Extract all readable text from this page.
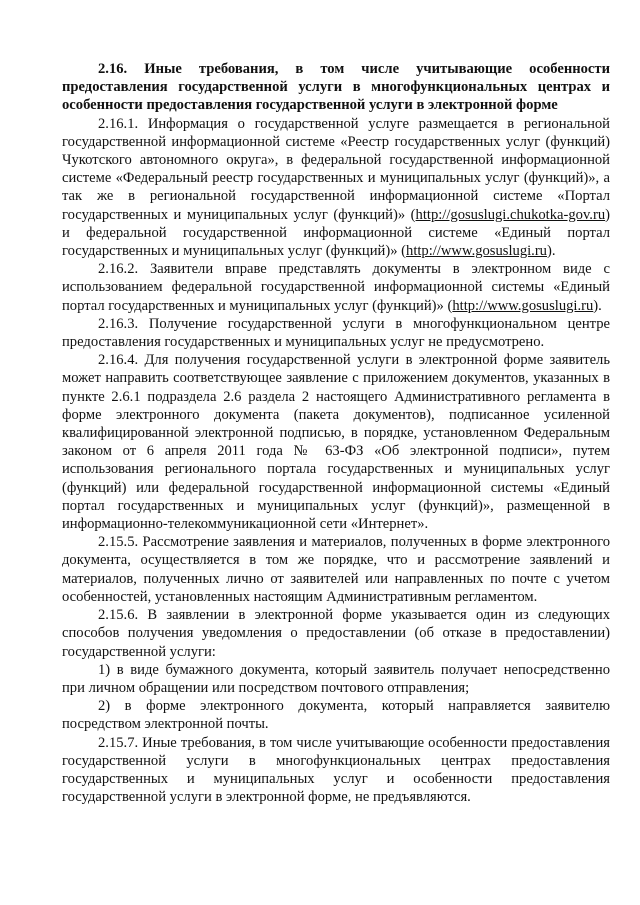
2.16. Иные требования, в том числе учитывающие особенности предоставления государственной услуги в многофункциональных центрах и особенности предоставления государственной услуги в электронной форме

2.16.1. Информация о государственной услуге размещается в региональной государственной информационной системе «Реестр государственных услуг (функций) Чукотского автономного округа», в федеральной государственной информационной системе «Федеральный реестр государственных и муниципальных услуг (функций)», а так же в региональной государственной информационной системе «Портал государственных и муниципальных услуг (функций)» (http://gosuslugi.chukotka-gov.ru) и федеральной государственной информационной системе «Единый портал государственных и муниципальных услуг (функций)» (http://www.gosuslugi.ru).

2.16.2. Заявители вправе представлять документы в электронном виде с использованием федеральной государственной информационной системы «Единый портал государственных и муниципальных услуг (функций)» (http://www.gosuslugi.ru).

2.16.3. Получение государственной услуги в многофункциональном центре предоставления государственных и муниципальных услуг не предусмотрено.

2.16.4. Для получения государственной услуги в электронной форме заявитель может направить соответствующее заявление с приложением документов, указанных в пункте 2.6.1 подраздела 2.6 раздела 2 настоящего Административного регламента в форме электронного документа (пакета документов), подписанное усиленной квалифицированной электронной подписью, в порядке, установленном Федеральным законом от 6 апреля 2011 года № 63-ФЗ «Об электронной подписи», путем использования регионального портала государственных и муниципальных услуг (функций) или федеральной государственной информационной системы «Единый портал государственных и муниципальных услуг (функций)», размещенной в информационно-телекоммуникационной сети «Интернет».

2.15.5. Рассмотрение заявления и материалов, полученных в форме электронного документа, осуществляется в том же порядке, что и рассмотрение заявлений и материалов, полученных лично от заявителей или направленных по почте с учетом особенностей, установленных настоящим Административным регламентом.

2.15.6. В заявлении в электронной форме указывается один из следующих способов получения уведомления о предоставлении (об отказе в предоставлении) государственной услуги:

1) в виде бумажного документа, который заявитель получает непосредственно при личном обращении или посредством почтового отправления;

2) в форме электронного документа, который направляется заявителю посредством электронной почты.

2.15.7. Иные требования, в том числе учитывающие особенности предоставления государственной услуги в многофункциональных центрах предоставления государственных и муниципальных услуг и особенности предоставления государственной услуги в электронной форме, не предъявляются.
